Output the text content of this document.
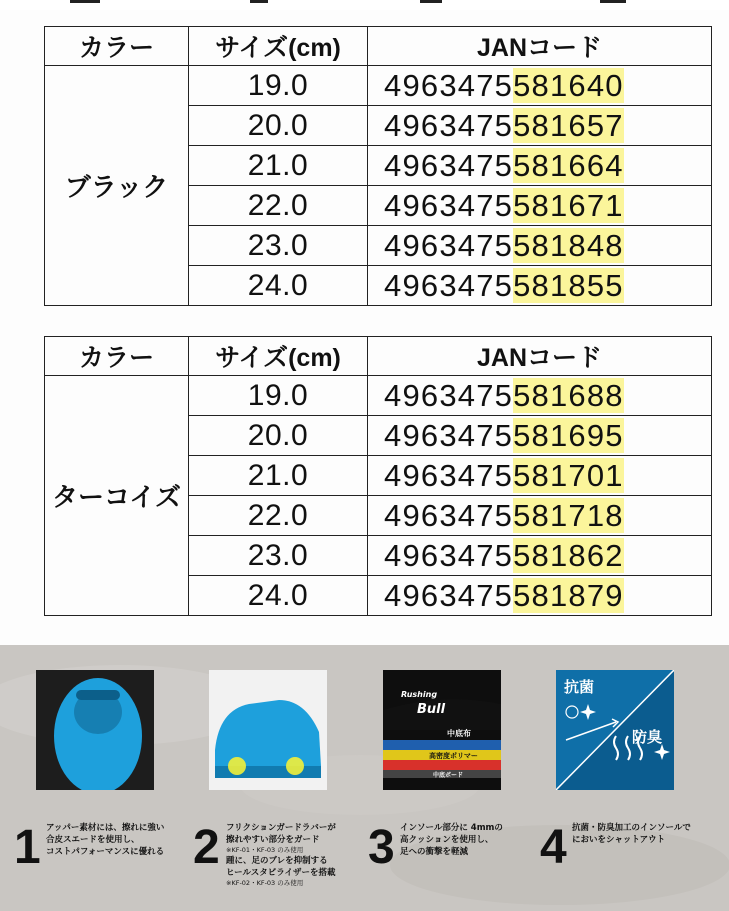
カラー	サイズ(cm)	JANコード
ブラック	19.0	4963475581640
	20.0	4963475581657
	21.0	4963475581664
	22.0	4963475581671
	23.0	4963475581848
	24.0	4963475581855
カラー	サイズ(cm)	JANコード
ターコイズ	19.0	4963475581688
	20.0	4963475581695
	21.0	4963475581701
	22.0	4963475581718
	23.0	4963475581862
	24.0	4963475581879
Rushing
Bull
中底布
高密度ポリマー
中底ボード
抗菌
防臭
1 アッパー素材には、擦れに強い
合皮スエードを使用し、
コストパフォーマンスに優れる 2 フリクションガードラバーが
擦れやすい部分をガード
※KF-01・KF-03 のみ使用
踵に、足のブレを抑制する
ヒールスタビライザーを搭載
※KF-02・KF-03 のみ使用
3 インソール部分に 4mmの
高クッションを使用し、
足への衝撃を軽減	4 抗菌・防臭加工のインソールで
においをシャットアウト
